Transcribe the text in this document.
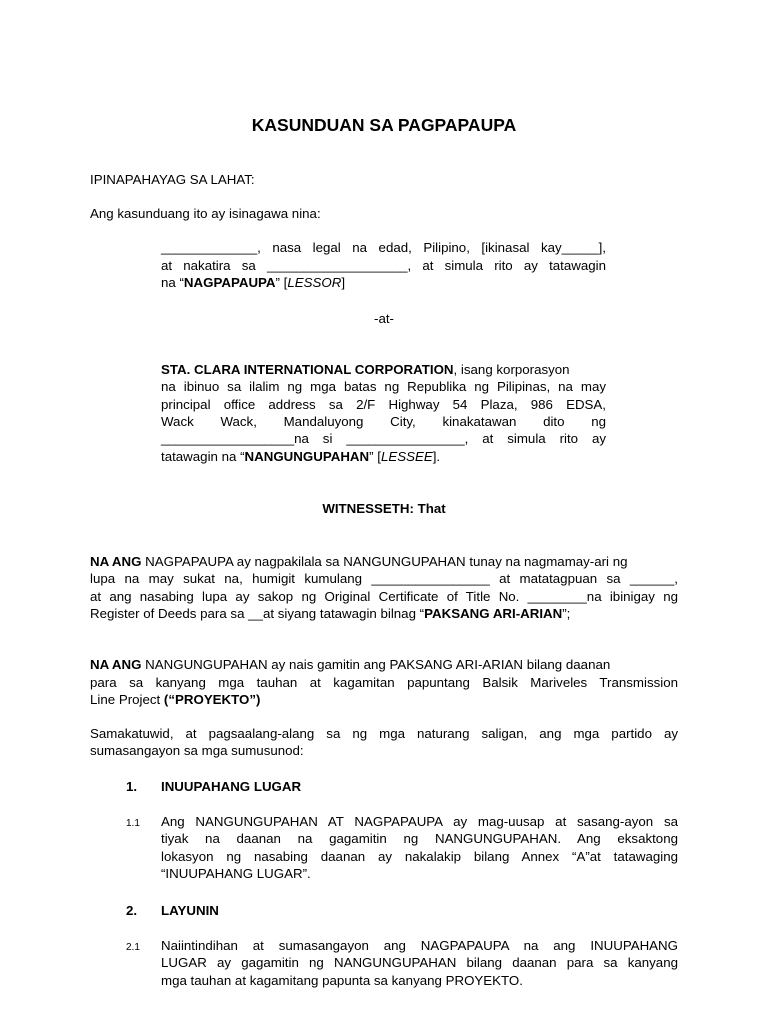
KASUNDUAN SA PAGPAPAUPA
IPINAPAHAYAG SA LAHAT:
Ang kasunduang ito ay isinagawa nina:
_____________, nasa legal na edad, Pilipino, [ikinasal kay_____],
at nakatira sa ___________________, at simula rito ay tatawagin
na “NAGPAPAUPA” [LESSOR]
-at-
STA. CLARA INTERNATIONAL CORPORATION, isang korporasyon
na ibinuo sa ilalim ng mga batas ng Republika ng Pilipinas, na may
principal office address sa 2/F Highway 54 Plaza, 986 EDSA,
Wack Wack, Mandaluyong City, kinakatawan dito ng
__________________na si ________________, at simula rito ay
tatawagin na “NANGUNGUPAHAN” [LESSEE].
WITNESSETH: That
NA ANG NAGPAPAUPA ay nagpakilala sa NANGUNGUPAHAN tunay na nagmamay-ari ng
lupa na may sukat na, humigit kumulang ________________ at matatagpuan sa ______,
at ang nasabing lupa ay sakop ng Original Certificate of Title No. ________na ibinigay ng
Register of Deeds para sa __at siyang tatawagin bilnag “PAKSANG ARI-ARIAN”;
NA ANG NANGUNGUPAHAN ay nais gamitin ang PAKSANG ARI-ARIAN bilang daanan
para sa kanyang mga tauhan at kagamitan papuntang Balsik Mariveles Transmission
Line Project (“PROYEKTO”)
Samakatuwid, at pagsaalang-alang sa ng mga naturang saligan, ang mga partido ay
sumasangayon sa mga sumusunod:
1. INUUPAHANG LUGAR
1.1 Ang NANGUNGUPAHAN AT NAGPAPAUPA ay mag-uusap at sasang-ayon sa
tiyak na daanan na gagamitin ng NANGUNGUPAHAN. Ang eksaktong
lokasyon ng nasabing daanan ay nakalakip bilang Annex “A”at tatawaging
“INUUPAHANG LUGAR”.
2. LAYUNIN
2.1 Naiintindihan at sumasangayon ang NAGPAPAUPA na ang INUUPAHANG
LUGAR ay gagamitin ng NANGUNGUPAHAN bilang daanan para sa kanyang
mga tauhan at kagamitang papunta sa kanyang PROYEKTO.
